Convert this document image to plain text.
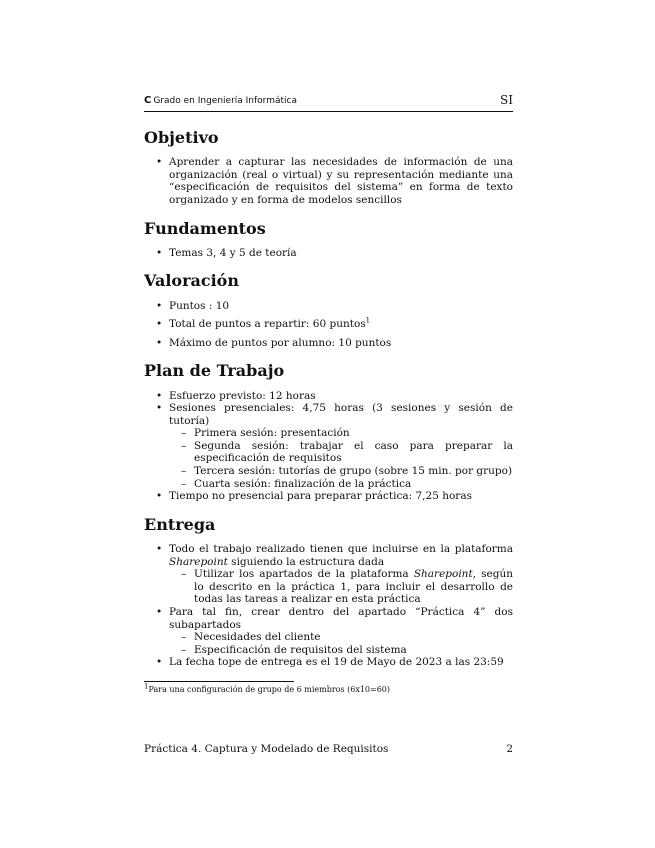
C Grado en Ingeniería Informática	SI
Objetivo
• Aprender a capturar las necesidades de información de una organización (real o virtual) y su representación mediante una “especificación de requisitos del sistema” en forma de texto organizado y en forma de modelos sencillos
Fundamentos
• Temas 3, 4 y 5 de teoría
Valoración
• Puntos : 10
• Total de puntos a repartir: 60 puntos$^1$
• Máximo de puntos por alumno: 10 puntos
Plan de Trabajo
• Esfuerzo previsto: 12 horas
• Sesiones presenciales: 4,75 horas (3 sesiones y sesión de tutoría)
– Primera sesión: presentación
– Segunda sesión: trabajar el caso para preparar la especificación de requisitos
– Tercera sesión: tutorías de grupo (sobre 15 min. por grupo)
– Cuarta sesión: finalización de la práctica
• Tiempo no presencial para preparar práctica: 7,25 horas
Entrega
• Todo el trabajo realizado tienen que incluirse en la plataforma Sharepoint siguiendo la estructura dada
– Utilizar los apartados de la plataforma Sharepoint, según lo descrito en la práctica 1, para incluir el desarrollo de todas las tareas a realizar en esta práctica
• Para tal fin, crear dentro del apartado “Práctica 4” dos subapartados
– Necesidades del cliente
– Especificación de requisitos del sistema
• La fecha tope de entrega es el 19 de Mayo de 2023 a las 23:59
$^1$Para una configuración de grupo de 6 miembros (6x10=60)
Práctica 4. Captura y Modelado de Requisitos	2
